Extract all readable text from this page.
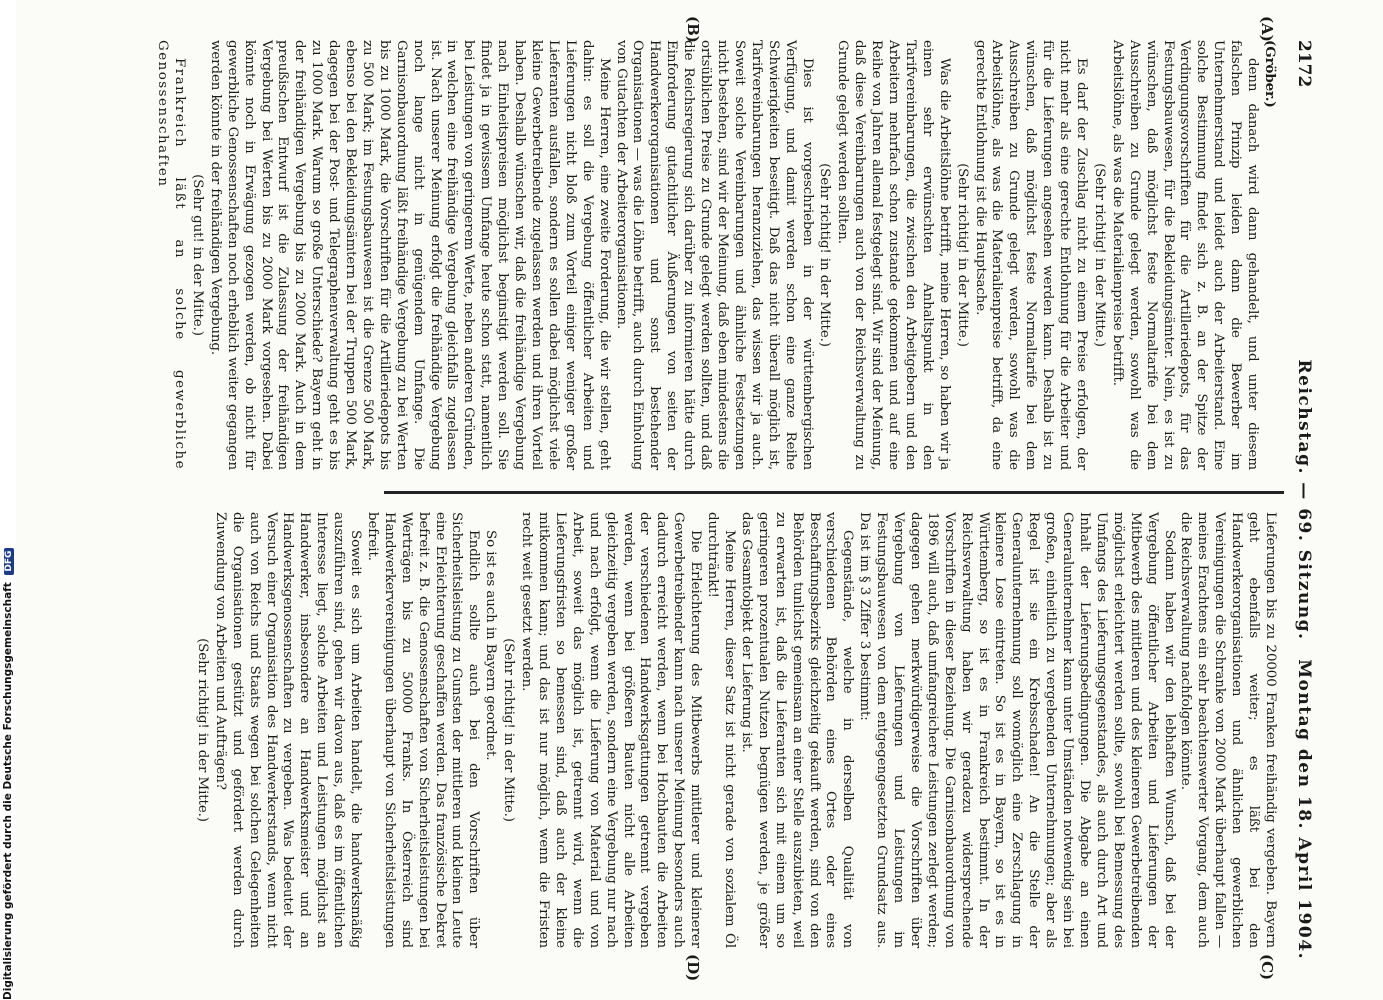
2172
Reichstag. — 69. Sitzung.
Montag den 18. April 1904.
(A)
(B)
(C)
(D)

(Gröber.)

denn danach wird dann gehandelt, und unter diesem falschen Prinzip leiden dann die Bewerber im Unternehmerstand und leidet auch der Arbeiterstand. Eine solche Bestimmung findet sich z. B. an der Spitze der Verdingungsvorschriften für die Artilleriedepots, für das Festungsbauwesen, für die Bekleidungsämter. Nein, es ist zu wünschen, daß möglichst feste Normaltarife bei dem Ausschreiben zu Grunde gelegt werden, sowohl was die Arbeitslöhne, als was die Materialienpreise betrifft.

(Sehr richtig! in der Mitte.)

Es darf der Zuschlag nicht zu einem Preise erfolgen, der nicht mehr als eine gerechte Entlohnung für die Arbeiter und für die Lieferungen angesehen werden kann. Deshalb ist zu wünschen, daß möglichst feste Normaltarife bei dem Ausschreiben zu Grunde gelegt werden, sowohl was die Arbeitslöhne, als was die Materialienpreise betrifft, da eine gerechte Entlohnung ist die Hauptsache.

(Sehr richtig! in der Mitte.)

Was die Arbeitslöhne betrifft, meine Herren, so haben wir ja einen sehr erwünschten Anhaltspunkt in den Tarifvereinbarungen, die zwischen den Arbeitgebern und den Arbeitern mehrfach schon zustande gekommen und auf eine Reihe von Jahren allemal festgelegt sind. Wir sind der Meinung, daß diese Vereinbarungen auch von der Reichsverwaltung zu Grunde gelegt werden sollten.

(Sehr richtig! in der Mitte.)

Dies ist vorgeschrieben in der württembergischen Verfügung, und damit werden schon eine ganze Reihe Schwierigkeiten beseitigt. Daß das nicht überall möglich ist, Tarifvereinbarungen heranzuziehen, das wissen wir ja auch. Soweit solche Vereinbarungen und ähnliche Festsetzungen nicht bestehen, sind wir der Meinung, daß eben mindestens die ortsüblichen Preise zu Grunde gelegt werden sollten, und daß die Reichsregierung sich darüber zu informieren hätte durch Einforderung gutachtlicher Äußerungen von seiten der Handwerkerorganisationen und sonst bestehender Organisationen — was die Löhne betrifft, auch durch Einholung von Gutachten der Arbeiterorganisationen.

Meine Herren, eine zweite Forderung, die wir stellen, geht dahin: es soll die Vergebung öffentlicher Arbeiten und Lieferungen nicht bloß zum Vorteil einiger weniger großer Lieferanten ausfallen, sondern es sollen dabei möglichst viele kleine Gewerbetreibende zugelassen werden und ihren Vorteil haben. Deshalb wünschen wir, daß die freihändige Vergebung nach Einheitspreisen möglichst beginstigt werden soll. Sie findet ja in gewissem Umfange heute schon statt, namentlich bei Leistungen von geringerem Werte, neben anderen Gründen, in welchen eine freihändige Vergebung gleichfalls zugelassen ist. Nach unserer Meinung erfolgt die freihändige Vergebung noch lange nicht in genügendem Umfange. Die Garnisonbauordnung läßt freihändige Vergebung zu bei Werten bis zu 1000 Mark, die Vorschriften für die Artilleriedepots bis zu 500 Mark; im Festungsbauwesen ist die Grenze 500 Mark, ebenso bei den Bekleidungsämtern bei der Truppen 500 Mark, dagegen bei der Post- und Telegraphenverwaltung geht es bis zu 1000 Mark. Warum so große Unterschiede? Bayern geht in der freihändigen Vergebung bis zu 2000 Mark. Auch in dem preußischen Entwurf ist die Zulassung der freihändigen Vergebung bei Werten bis zu 2000 Mark vorgesehen. Dabei könnte noch in Erwägung gezogen werden, ob nicht für gewerbliche Genossenschaften noch erheblich weiter gegangen werden könnte in der freihändigen Vergebung.

(Sehr gut! in der Mitte.)

Frankreich läßt an solche gewerbliche Genossenschaften

Lieferungen bis zu 20000 Franken freihändig vergeben. Bayern geht ebenfalls weiter; es läßt bei den Handwerkerorganisationen und ähnlichen gewerblichen Vereinigungen die Schranke von 2000 Mark überhaupt fallen — meines Erachtens ein sehr beachtenswerter Vorgang, dem auch die Reichsverwaltung nachfolgen könnte.

Sodann haben wir den lebhaften Wunsch, daß bei der Vergebung öffentlicher Arbeiten und Lieferungen der Mitbewerb des mittleren und des kleineren Gewerbetreibenden möglichst erleichtert werden sollte, sowohl bei Bemessung des Umfangs des Lieferungsgegenstandes, als auch durch Art und Inhalt der Lieferungsbedingungen. Die Abgabe an einen Generalunternehmer kann unter Umständen notwendig sein bei großen, einheitlich zu vergebenden Unternehmungen; aber als Regel ist sie ein Krebsschaden! An die Stelle der Generalunternehmung soll womöglich eine Zerschlagung in kleinere Lose eintreten. So ist es in Bayern, so ist es in Württemberg, so ist es in Frankreich bestimmt. In der Reichsverwaltung haben wir geradezu widersprechende Vorschriften in dieser Beziehung. Die Garnisonbauordnung von 1896 will auch, daß umfangreichere Leistungen zerlegt werden; dagegen gehen merkwürdigerweise die Vorschriften über Vergebung von Lieferungen und Leistungen im Festungsbauwesen von dem entgegengesetzten Grundsatz aus. Da ist im § 3 Ziffer 3 bestimmt:

Gegenstände, welche in derselben Qualität von verschiedenen Behörden eines Ortes oder eines Beschaffungsbezirks gleichzeitig gekauft werden, sind von den Behörden tunlichst gemeinsam an einer Stelle auszubieten, weil zu erwarten ist, daß die Lieferanten sich mit einem um so geringeren prozentualen Nutzen begnügen werden, je größer das Gesamtobjekt der Lieferung ist.

Meine Herren, dieser Satz ist nicht gerade von sozialem Öl durchtränkt!

Die Erleichterung des Mitbewerbs mittlerer und kleinerer Gewerbetreibender kann nach unserer Meinung besonders auch dadurch erreicht werden, wenn bei Hochbauten die Arbeiten der verschiedenen Handwerksgattungen getrennt vergeben werden, wenn bei größeren Bauten nicht alle Arbeiten gleichzeitig vergeben werden, sondern eine Vergebung nur nach und nach erfolgt, wenn die Lieferung von Material und von Arbeit, soweit das möglich ist, getrennt wird, wenn die Lieferungsfristen so bemessen sind, daß auch der kleine mitkommen kann; und das ist nur möglich, wenn die Fristen recht weit gesetzt werden.

(Sehr richtig! in der Mitte.)

So ist es auch in Bayern geordnet.

Endlich sollte auch bei den Vorschriften über Sicherheitsleistung zu Gunsten der mittleren und kleinen Leute eine Erleichterung geschaffen werden. Das französische Dekret befreit z. B. die Genossenschaften von Sicherheitsleistungen bei Werträgen bis zu 50000 Franks. In Österreich sind Handwerkervereinigungen überhaupt von Sicherheitsleistungen befreit.

Soweit es sich um Arbeiten handelt, die handwerksmäßig auszuführen sind, gehen wir davon aus, daß es im öffentlichen Interesse liegt, solche Arbeiten und Leistungen möglichst an Handwerker, insbesondere an Handwerksmeister und an Handwerksgenossenschaften zu vergeben. Was bedeutet der Versuch einer Organisation des Handwerkerstands, wenn nicht auch von Reichs und Staats wegen bei solchen Gelegenheiten die Organisationen gestützt und gefördert werden durch Zuwendung von Arbeiten und Aufträgen?

(Sehr richtig! in der Mitte.)

Digitalisierung gefördert durch die Deutsche Forschungsgemeinschaft DFG
